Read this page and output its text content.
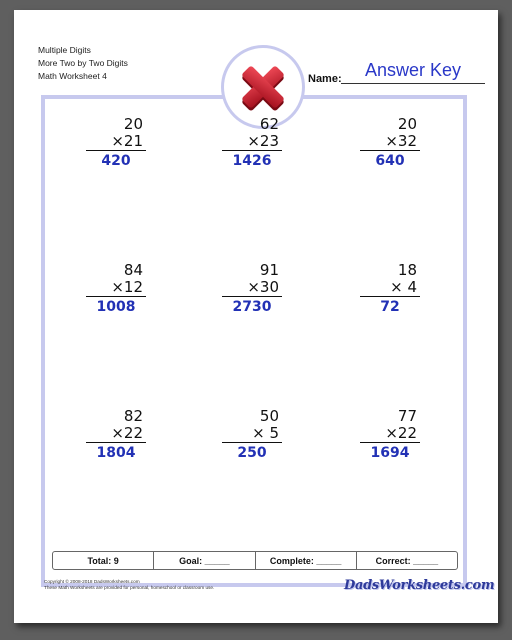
Multiple Digits
More Two by Two Digits
Math Worksheet 4	Name:	Answer Key
20
×21
420
62
×23
1426
20
×32
640
84
×12
1008
91
×30
2730
18
× 4
72
82
×22
1804
50
× 5
250
77
×22
1694
Total: 9	Goal: _____	Complete: _____	Correct: _____
Copyright © 2008-2018 DadsWorksheets.com
These Math Worksheets are provided for personal, homeschool or classroom use.	DadsWorksheets.com
